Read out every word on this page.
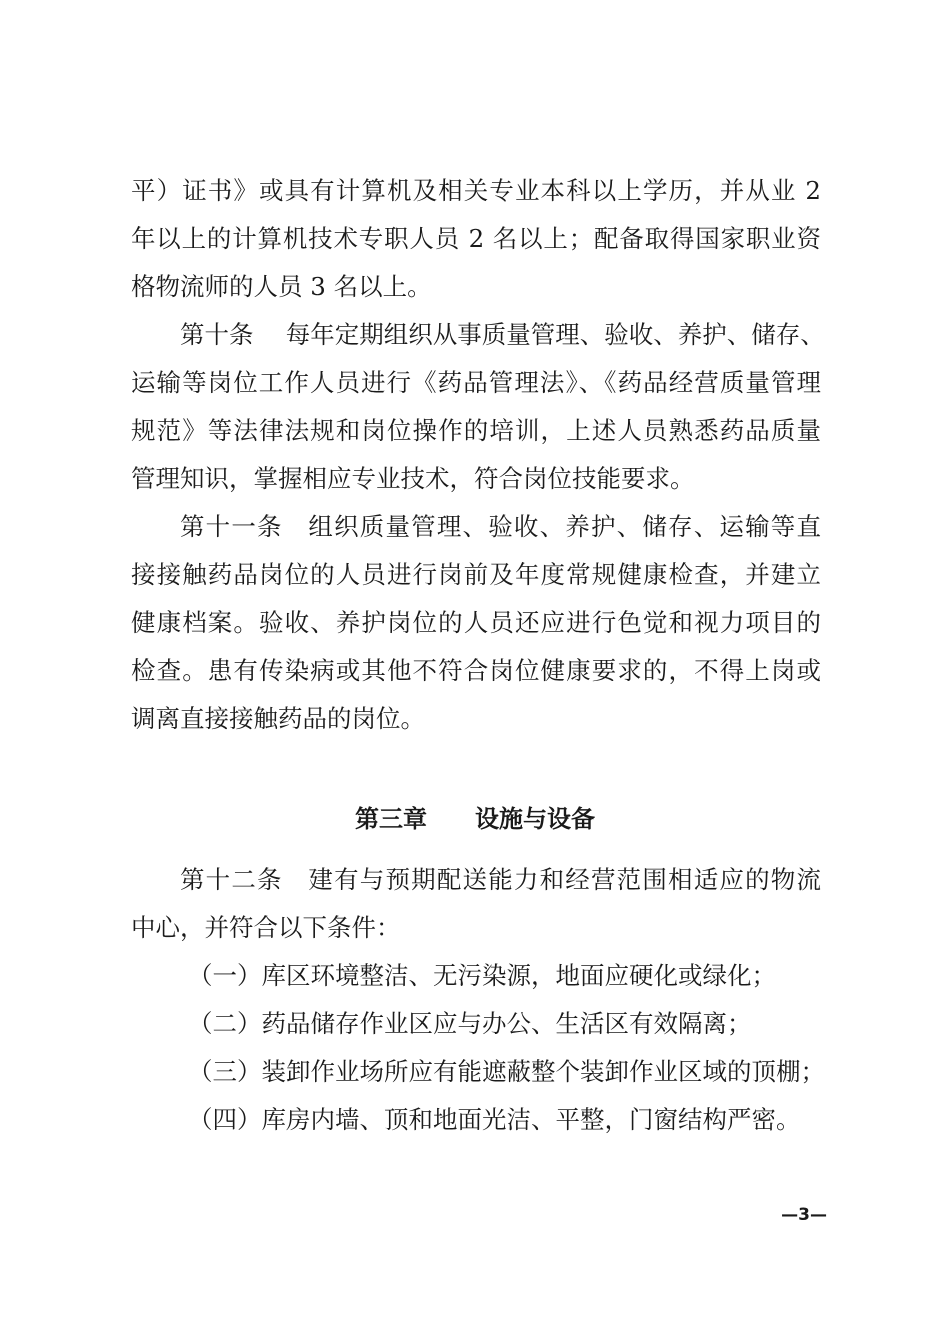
平）证书》或具有计算机及相关专业本科以上学历，并从业 2
年以上的计算机技术专职人员 2 名以上；配备取得国家职业资
格物流师的人员 3 名以上。
第十条　 每年定期组织从事质量管理、验收、养护、储存、
运输等岗位工作人员进行《药品管理法》、《药品经营质量管理
规范》等法律法规和岗位操作的培训，上述人员熟悉药品质量
管理知识，掌握相应专业技术，符合岗位技能要求。
第十一条　组织质量管理、验收、养护、储存、运输等直
接接触药品岗位的人员进行岗前及年度常规健康检查，并建立
健康档案。验收、养护岗位的人员还应进行色觉和视力项目的
检查。患有传染病或其他不符合岗位健康要求的，不得上岗或
调离直接接触药品的岗位。
第三章　　设施与设备
第十二条　建有与预期配送能力和经营范围相适应的物流
中心，并符合以下条件：
（一）库区环境整洁、无污染源，地面应硬化或绿化；
（二）药品储存作业区应与办公、生活区有效隔离；
（三）装卸作业场所应有能遮蔽整个装卸作业区域的顶棚；
（四）库房内墙、顶和地面光洁、平整，门窗结构严密。
—3—
